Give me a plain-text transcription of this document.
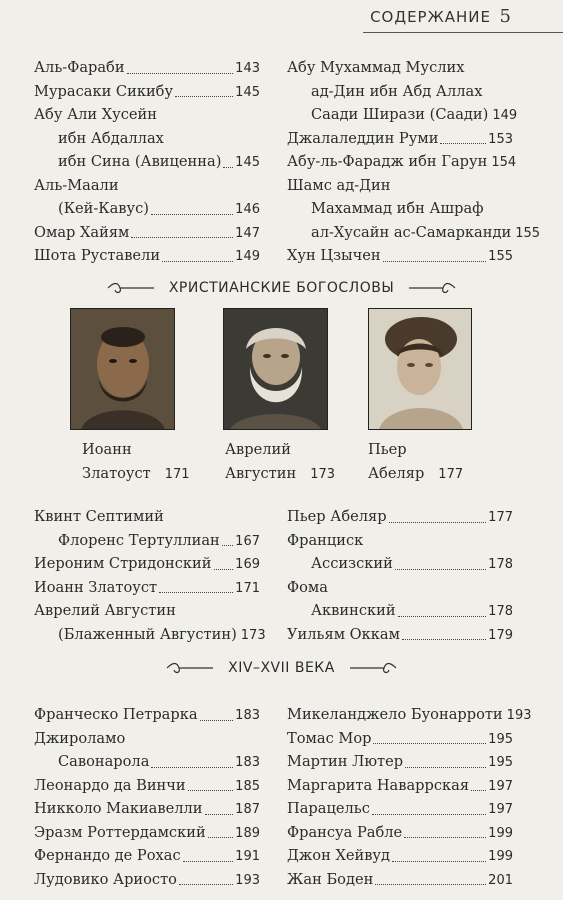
СОДЕРЖАНИЕ 5
Аль-Фараби	143
Мурасаки Сикибу	145
Абу Али Хусейн
ибн Абдаллах
ибн Сина (Авиценна) 145
Аль-Маали
(Кей-Кавус)	146
Омар Хайям	147
Шота Руставели	149
Абу Мухаммад Муслих
ад-Дин ибн Абд Аллах
Саади Ширази (Саади) 149
Джалаледдин Руми	153
Абу-ль-Фарадж ибн Гарун 154
Шамс ад-Дин
Махаммад ибн Ашраф
ал-Хусайн ас-Самарканди 155
Хун Цзычен	155
ХРИСТИАНСКИЕ БОГОСЛОВЫ
Иоанн
Златоуст 171
Аврелий
Августин 173
Пьер
Абеляр 177
Квинт Септимий
Флоренс Тертуллиан 167
Иероним Стридонский 169
Иоанн Златоуст	171
Аврелий Августин
(Блаженный Августин) 173
Пьер Абеляр	177
Франциск
Ассизский	178
Фома
Аквинский	178
Уильям Оккам	179
XIV–XVII ВЕКА
Франческо Петрарка	183
Джироламо
Савонарола	183
Леонардо да Винчи	185
Никколо Макиавелли	187
Эразм Роттердамский 189
Фернандо де Рохас	191
Лудовико Ариосто	193
Микеланджело Буонарроти 193
Томас Мор	195
Мартин Лютер	195
Маргарита Наваррская 197
Парацельс	197
Франсуа Рабле	199
Джон Хейвуд	199
Жан Боден	201
